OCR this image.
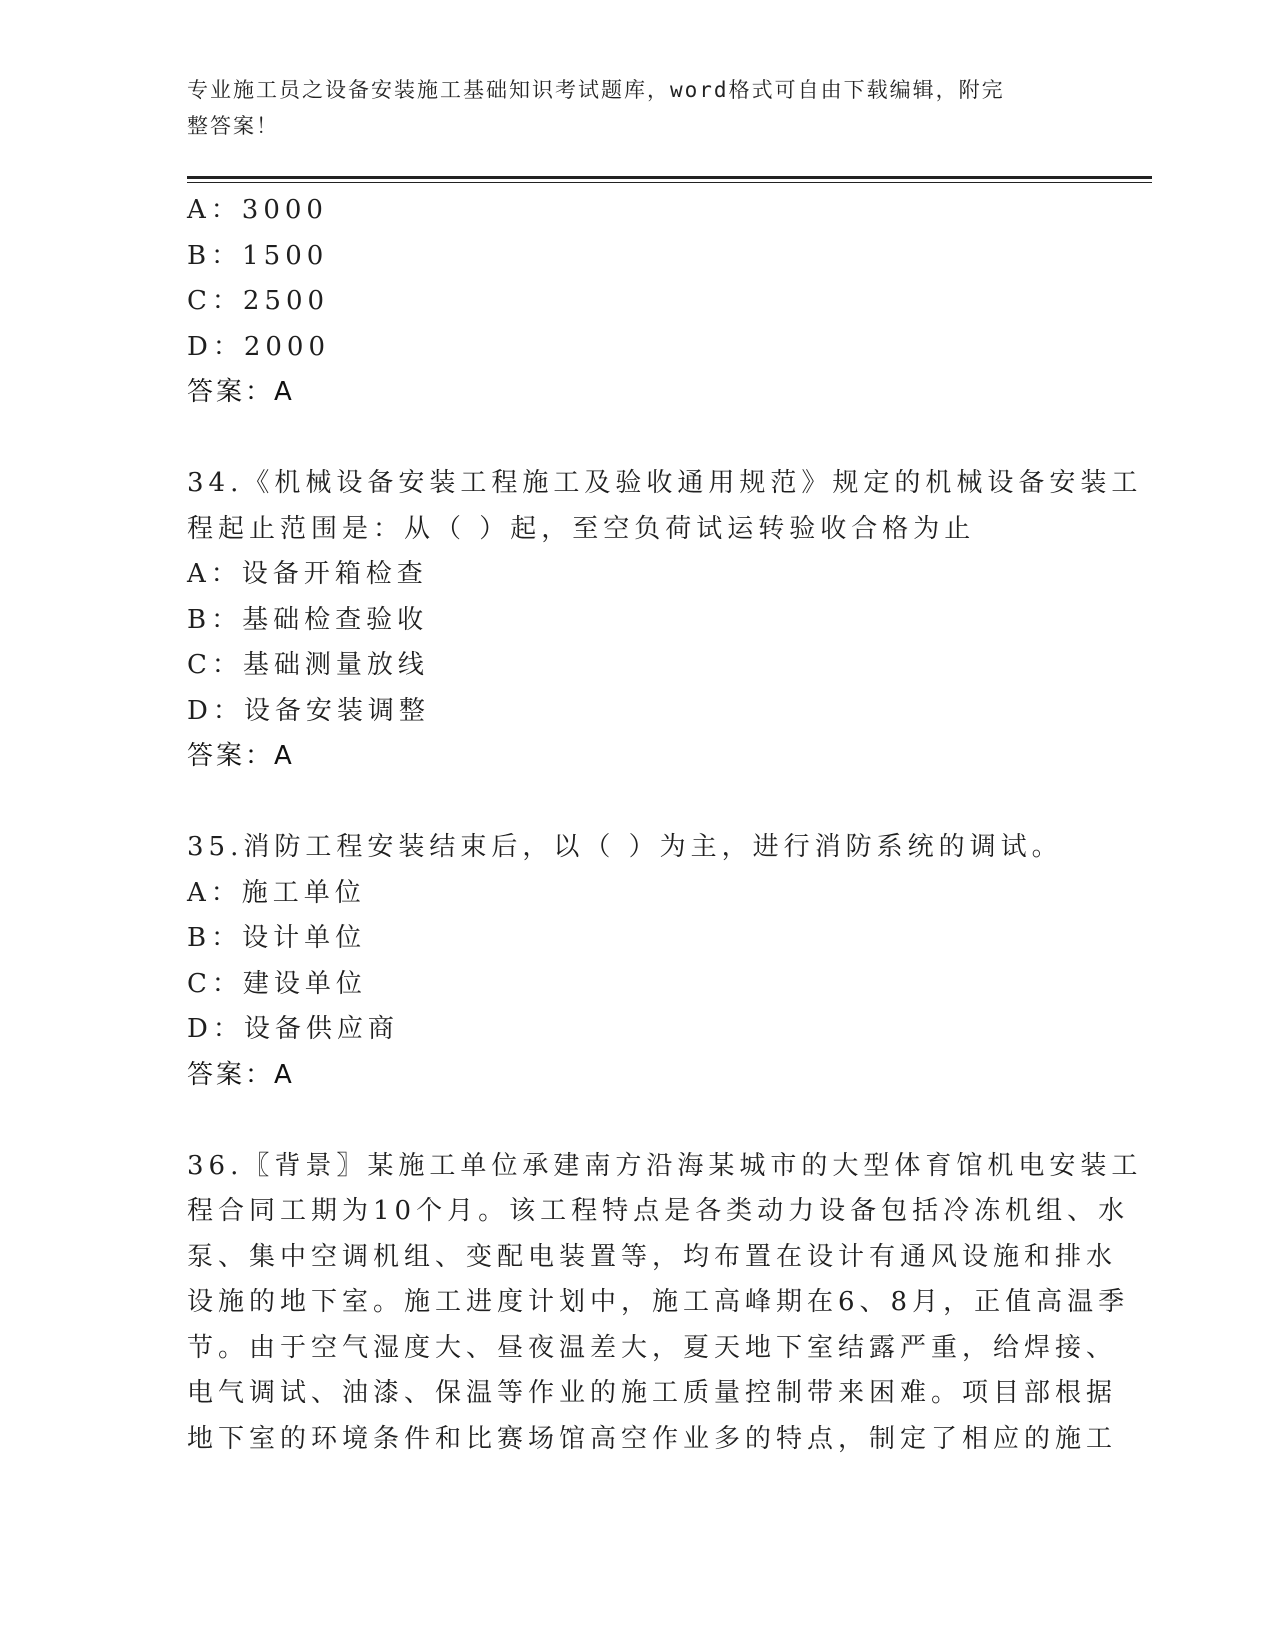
专业施工员之设备安装施工基础知识考试题库，word格式可自由下载编辑，附完
整答案！
A：3000
B：1500
C：2500
D：2000
答案：A
34.《机械设备安装工程施工及验收通用规范》规定的机械设备安装工
程起止范围是：从（ ）起，至空负荷试运转验收合格为止
A：设备开箱检查
B：基础检查验收
C：基础测量放线
D：设备安装调整
答案：A
35.消防工程安装结束后，以（ ）为主，进行消防系统的调试。
A：施工单位
B：设计单位
C：建设单位
D：设备供应商
答案：A
36.〖背景〗某施工单位承建南方沿海某城市的大型体育馆机电安装工
程合同工期为10个月。该工程特点是各类动力设备包括冷冻机组、水
泵、集中空调机组、变配电装置等，均布置在设计有通风设施和排水
设施的地下室。施工进度计划中，施工高峰期在6、8月，正值高温季
节。由于空气湿度大、昼夜温差大，夏天地下室结露严重，给焊接、
电气调试、油漆、保温等作业的施工质量控制带来困难。项目部根据
地下室的环境条件和比赛场馆高空作业多的特点，制定了相应的施工
